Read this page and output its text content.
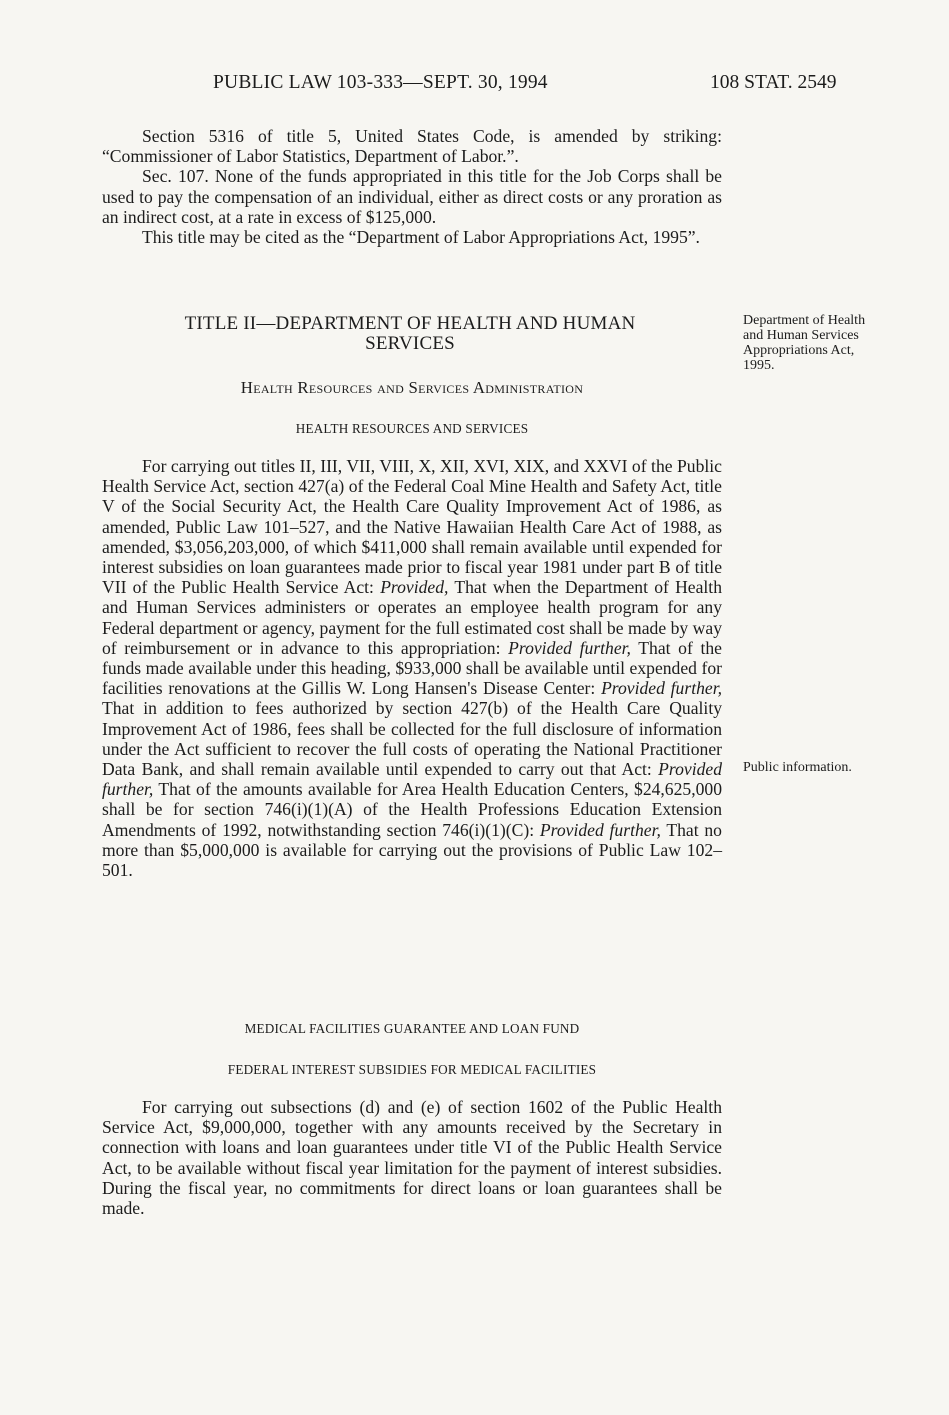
PUBLIC LAW 103-333—SEPT. 30, 1994	108 STAT. 2549

Section 5316 of title 5, United States Code, is amended by striking: “Commissioner of Labor Statistics, Department of Labor.”.

Sec. 107. None of the funds appropriated in this title for the Job Corps shall be used to pay the compensation of an individual, either as direct costs or any proration as an indirect cost, at a rate in excess of $125,000.

This title may be cited as the “Department of Labor Appropriations Act, 1995”.

TITLE II—DEPARTMENT OF HEALTH AND HUMAN
SERVICES
Department of Health and Human Services Appropriations Act, 1995.
Health Resources and Services Administration
HEALTH RESOURCES AND SERVICES

For carrying out titles II, III, VII, VIII, X, XII, XVI, XIX, and XXVI of the Public Health Service Act, section 427(a) of the Federal Coal Mine Health and Safety Act, title V of the Social Security Act, the Health Care Quality Improvement Act of 1986, as amended, Public Law 101–527, and the Native Hawaiian Health Care Act of 1988, as amended, $3,056,203,000, of which $411,000 shall remain available until expended for interest subsidies on loan guarantees made prior to fiscal year 1981 under part B of title VII of the Public Health Service Act: Provided, That when the Department of Health and Human Services administers or operates an employee health program for any Federal department or agency, payment for the full estimated cost shall be made by way of reimbursement or in advance to this appropriation: Provided further, That of the funds made available under this heading, $933,000 shall be available until expended for facilities renovations at the Gillis W. Long Hansen's Disease Center: Provided further, That in addition to fees authorized by section 427(b) of the Health Care Quality Improvement Act of 1986, fees shall be collected for the full disclosure of information under the Act sufficient to recover the full costs of operating the National Practitioner Data Bank, and shall remain available until expended to carry out that Act: Provided further, That of the amounts available for Area Health Education Centers, $24,625,000 shall be for section 746(i)(1)(A) of the Health Professions Education Extension Amendments of 1992, notwithstanding section 746(i)(1)(C): Provided further, That no more than $5,000,000 is available for carrying out the provisions of Public Law 102–501.

Public information.
MEDICAL FACILITIES GUARANTEE AND LOAN FUND
FEDERAL INTEREST SUBSIDIES FOR MEDICAL FACILITIES

For carrying out subsections (d) and (e) of section 1602 of the Public Health Service Act, $9,000,000, together with any amounts received by the Secretary in connection with loans and loan guarantees under title VI of the Public Health Service Act, to be available without fiscal year limitation for the payment of interest subsidies. During the fiscal year, no commitments for direct loans or loan guarantees shall be made.
